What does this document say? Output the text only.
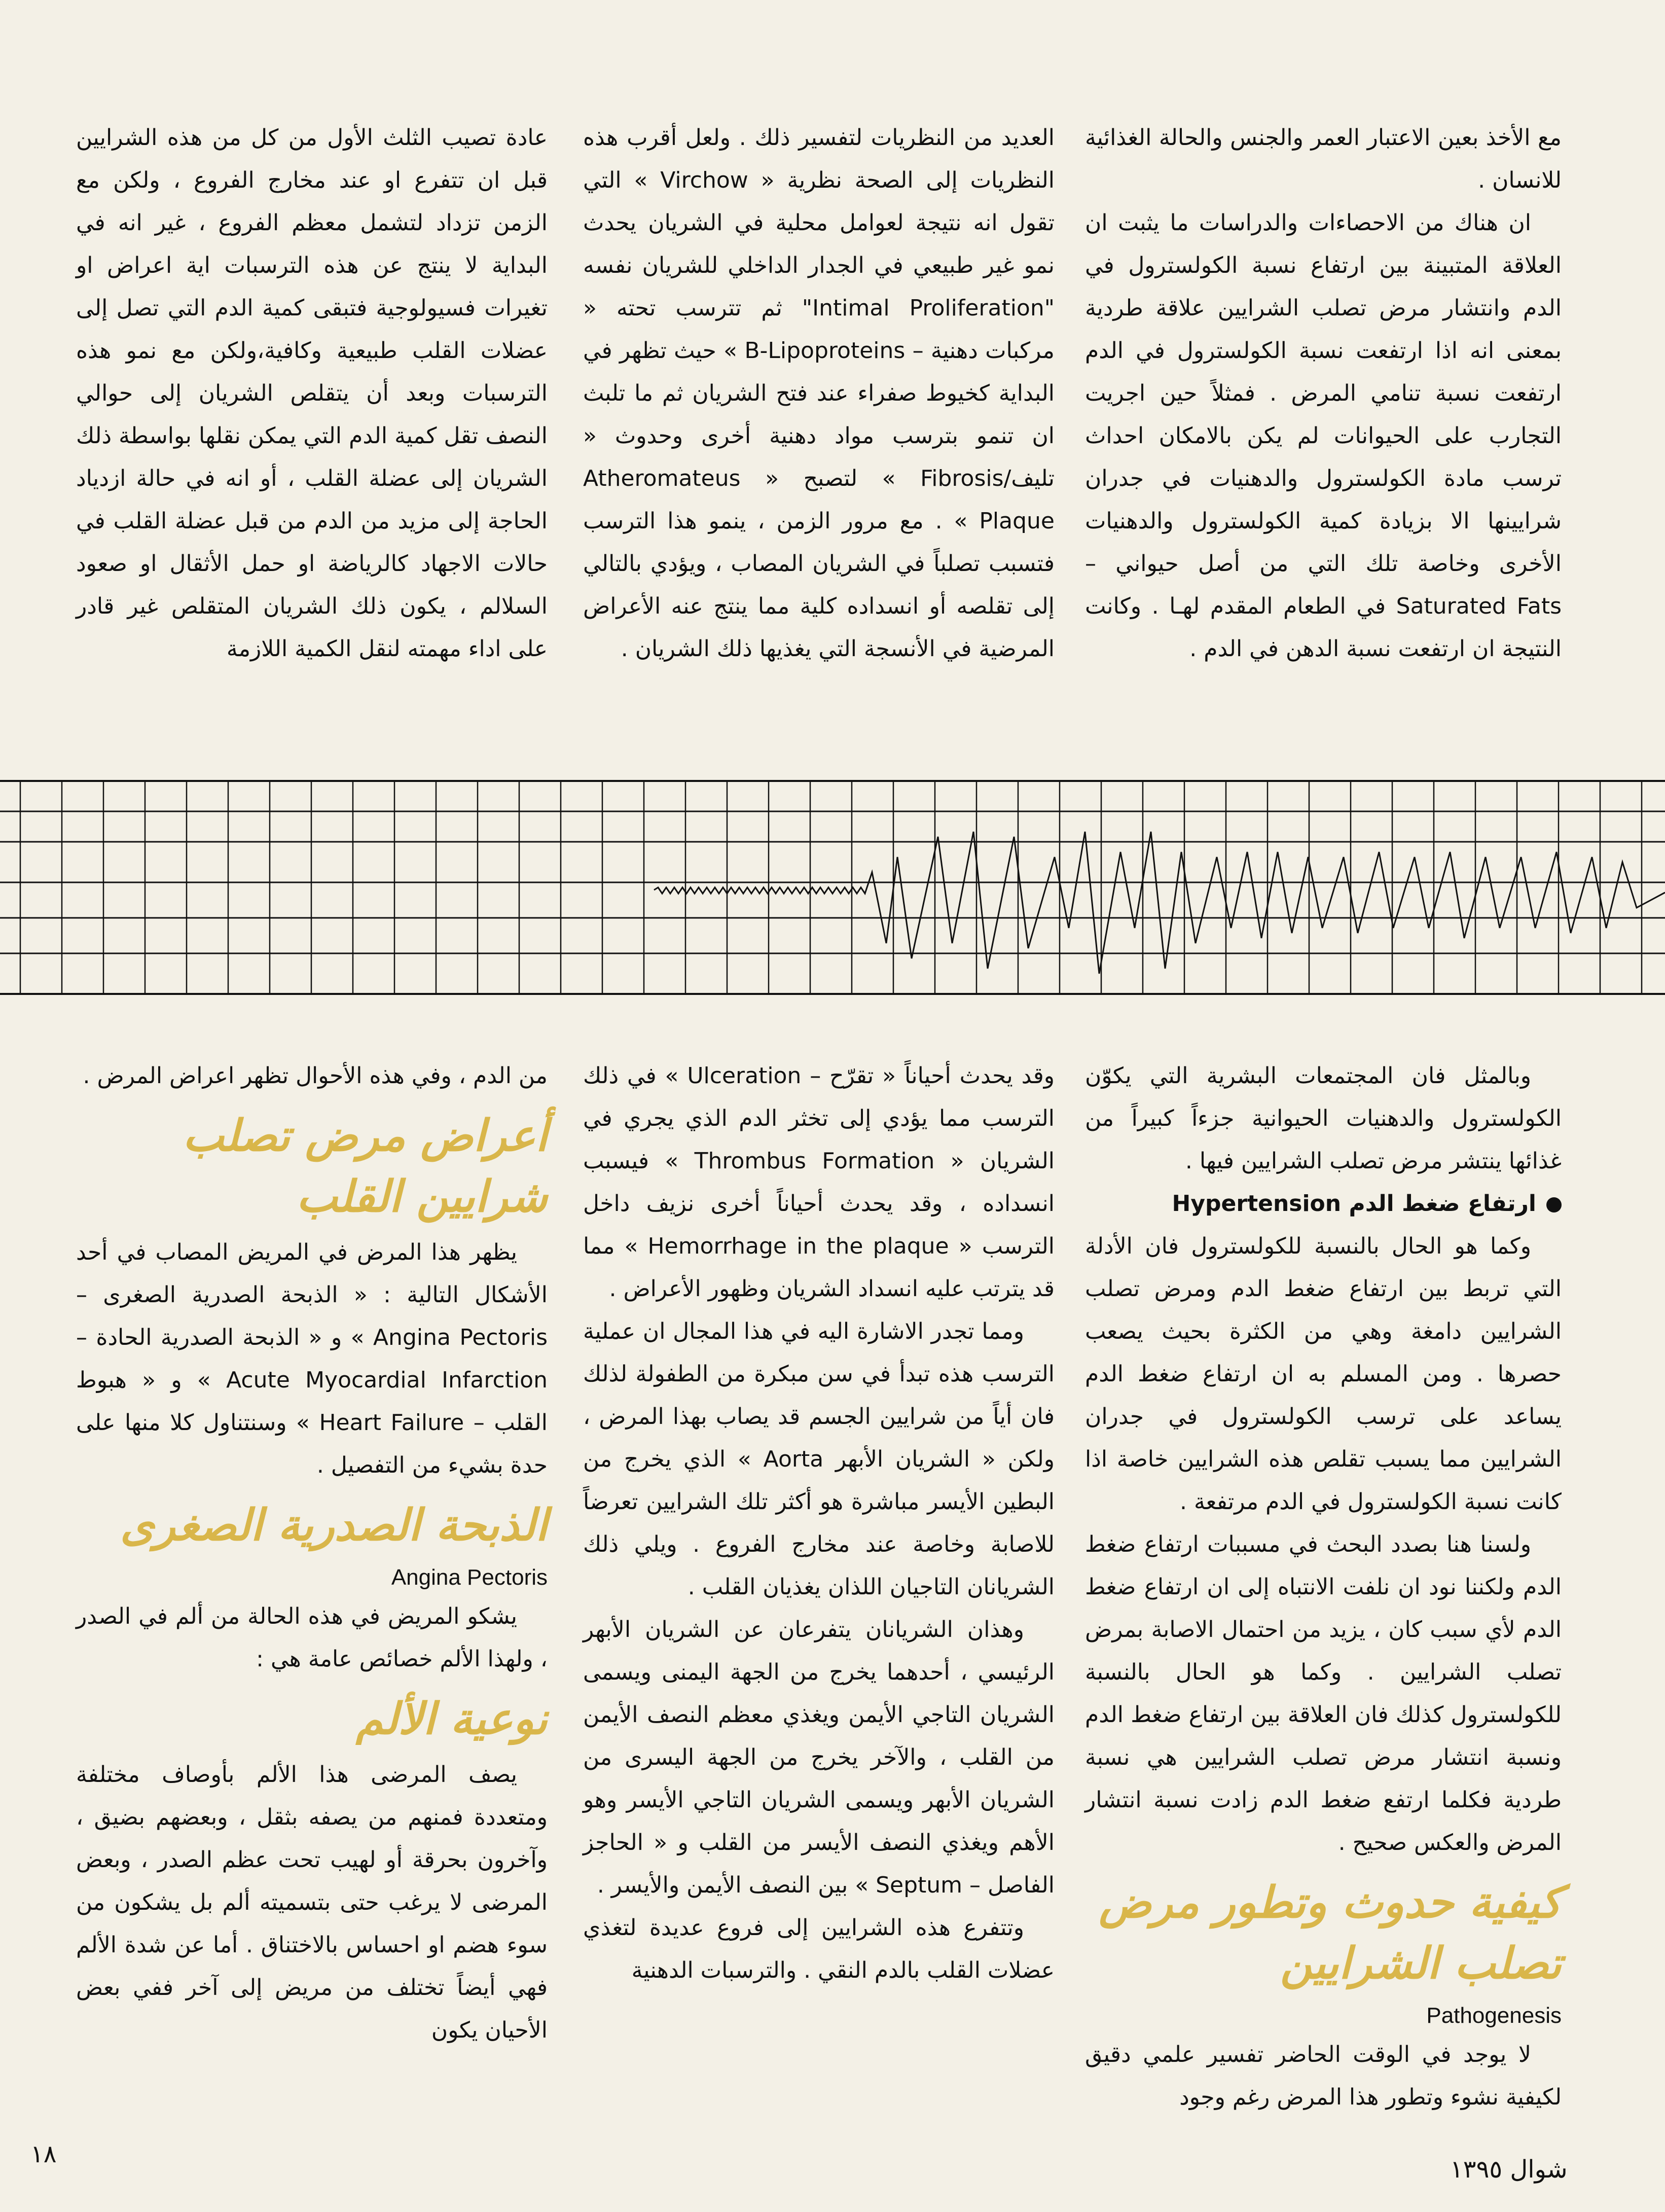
مع الأخذ بعين الاعتبار العمر والجنس والحالة الغذائية للانسان .

ان هناك من الاحصاءات والدراسات ما يثبت ان العلاقة المتبينة بين ارتفاع نسبة الكولسترول في الدم وانتشار مرض تصلب الشرايين علاقة طردية بمعنى انه اذا ارتفعت نسبة الكولسترول في الدم ارتفعت نسبة تنامي المرض . فمثلاً حين اجريت التجارب على الحيوانات لم يكن بالامكان احداث ترسب مادة الكولسترول والدهنيات في جدران شرايينها الا بزيادة كمية الكولسترول والدهنيات الأخرى وخاصة تلك التي من أصل حيواني – Saturated Fats في الطعام المقدم لهـا . وكانت النتيجة ان ارتفعت نسبة الدهن في الدم .

العديد من النظريات لتفسير ذلك . ولعل أقرب هذه النظريات إلى الصحة نظرية « Virchow » التي تقول انه نتيجة لعوامل محلية في الشريان يحدث نمو غير طبيعي في الجدار الداخلي للشريان نفسه "Intimal Proliferation" ثم تترسب تحته « مركبات دهنية – B-Lipoproteins » حيث تظهر في البداية كخيوط صفراء عند فتح الشريان ثم ما تلبث ان تنمو بترسب مواد دهنية أخرى وحدوث « تليف/Fibrosis » لتصبح « Atheromateus Plaque » . مع مرور الزمن ، ينمو هذا الترسب فتسبب تصلباً في الشريان المصاب ، ويؤدي بالتالي إلى تقلصه أو انسداده كلية مما ينتج عنه الأعراض المرضية في الأنسجة التي يغذيها ذلك الشريان .

عادة تصيب الثلث الأول من كل من هذه الشرايين قبل ان تتفرع او عند مخارج الفروع ، ولكن مع الزمن تزداد لتشمل معظم الفروع ، غير انه في البداية لا ينتج عن هذه الترسبات اية اعراض او تغيرات فسيولوجية فتبقى كمية الدم التي تصل إلى عضلات القلب طبيعية وكافية،ولكن مع نمو هذه الترسبات وبعد أن يتقلص الشريان إلى حوالي النصف تقل كمية الدم التي يمكن نقلها بواسطة ذلك الشريان إلى عضلة القلب ، أو انه في حالة ازدياد الحاجة إلى مزيد من الدم من قبل عضلة القلب في حالات الاجهاد كالرياضة او حمل الأثقال او صعود السلالم ، يكون ذلك الشريان المتقلص غير قادر على اداء مهمته لنقل الكمية اللازمة

وبالمثل فان المجتمعات البشرية التي يكوّن الكولسترول والدهنيات الحيوانية جزءاً كبيراً من غذائها ينتشر مرض تصلب الشرايين فيها .

ارتفاع ضغط الدم Hypertension

وكما هو الحال بالنسبة للكولسترول فان الأدلة التي تربط بين ارتفاع ضغط الدم ومرض تصلب الشرايين دامغة وهي من الكثرة بحيث يصعب حصرها . ومن المسلم به ان ارتفاع ضغط الدم يساعد على ترسب الكولسترول في جدران الشرايين مما يسبب تقلص هذه الشرايين خاصة اذا كانت نسبة الكولسترول في الدم مرتفعة .

ولسنا هنا بصدد البحث في مسببات ارتفاع ضغط الدم ولكننا نود ان نلفت الانتباه إلى ان ارتفاع ضغط الدم لأي سبب كان ، يزيد من احتمال الاصابة بمرض تصلب الشرايين . وكما هو الحال بالنسبة للكولسترول كذلك فان العلاقة بين ارتفاع ضغط الدم ونسبة انتشار مرض تصلب الشرايين هي نسبة طردية فكلما ارتفع ضغط الدم زادت نسبة انتشار المرض والعكس صحيح .

كيفية حدوث وتطور مرض تصلب الشرايين
Pathogenesis

لا يوجد في الوقت الحاضر تفسير علمي دقيق لكيفية نشوء وتطور هذا المرض رغم وجود

وقد يحدث أحياناً « تقرّح – Ulceration » في ذلك الترسب مما يؤدي إلى تخثر الدم الذي يجري في الشريان « Thrombus Formation » فيسبب انسداده ، وقد يحدث أحياناً أخرى نزيف داخل الترسب « Hemorrhage in the plaque » مما قد يترتب عليه انسداد الشريان وظهور الأعراض .

ومما تجدر الاشارة اليه في هذا المجال ان عملية الترسب هذه تبدأ في سن مبكرة من الطفولة لذلك فان أياً من شرايين الجسم قد يصاب بهذا المرض ، ولكن « الشريان الأبهر Aorta » الذي يخرج من البطين الأيسر مباشرة هو أكثر تلك الشرايين تعرضاً للاصابة وخاصة عند مخارج الفروع . ويلي ذلك الشريانان التاجيان اللذان يغذيان القلب .

وهذان الشريانان يتفرعان عن الشريان الأبهر الرئيسي ، أحدهما يخرج من الجهة اليمنى ويسمى الشريان التاجي الأيمن ويغذي معظم النصف الأيمن من القلب ، والآخر يخرج من الجهة اليسرى من الشريان الأبهر ويسمى الشريان التاجي الأيسر وهو الأهم ويغذي النصف الأيسر من القلب و « الحاجز الفاصل – Septum » بين النصف الأيمن والأيسر .

وتتفرع هذه الشرايين إلى فروع عديدة لتغذي عضلات القلب بالدم النقي . والترسبات الدهنية

من الدم ، وفي هذه الأحوال تظهر اعراض المرض .

أعراض مرض تصلب شرايين القلب

يظهر هذا المرض في المريض المصاب في أحد الأشكال التالية : « الذبحة الصدرية الصغرى – Angina Pectoris » و « الذبحة الصدرية الحادة – Acute Myocardial Infarction » و « هبوط القلب – Heart Failure » وسنتناول كلا منها على حدة بشيء من التفصيل .

الذبحة الصدرية الصغرى
Angina Pectoris

يشكو المريض في هذه الحالة من ألم في الصدر ، ولهذا الألم خصائص عامة هي :

نوعية الألم

يصف المرضى هذا الألم بأوصاف مختلفة ومتعددة فمنهم من يصفه بثقل ، وبعضهم بضيق ، وآخرون بحرقة أو لهيب تحت عظم الصدر ، وبعض المرضى لا يرغب حتى بتسميته ألم بل يشكون من سوء هضم او احساس بالاختناق . أما عن شدة الألم فهي أيضاً تختلف من مريض إلى آخر ففي بعض الأحيان يكون

١٨
شوال ١٣٩٥
